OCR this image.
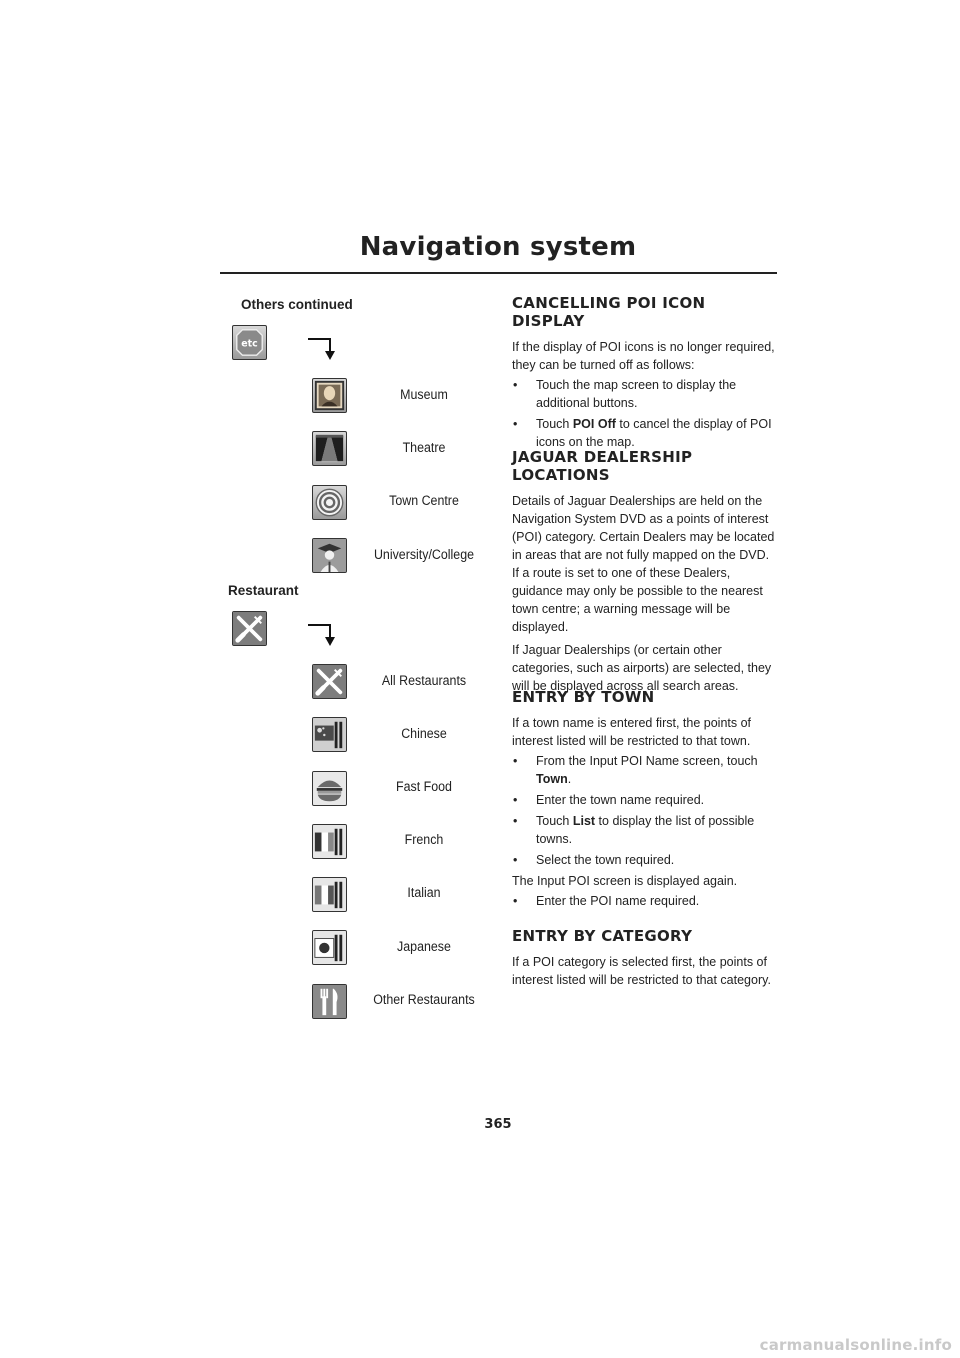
Navigation system
Others continued
etc
Museum
Theatre
Town Centre
University/College
Restaurant
All Restaurants
Chinese
Fast Food
French
Italian
Japanese
Other Restaurants
CANCELLING POI ICON DISPLAY

If the display of POI icons is no longer required, they can be turned off as follows:

• Touch the map screen to display the additional buttons.
• Touch POI Off to cancel the display of POI icons on the map.
JAGUAR DEALERSHIP LOCATIONS

Details of Jaguar Dealerships are held on the Navigation System DVD as a points of interest (POI) category. Certain Dealers may be located in areas that are not fully mapped on the DVD. If a route is set to one of these Dealers, guidance may only be possible to the nearest town centre; a warning message will be displayed.

If Jaguar Dealerships (or certain other categories, such as airports) are selected, they will be displayed across all search areas.

ENTRY BY TOWN

If a town name is entered first, the points of interest listed will be restricted to that town.

• From the Input POI Name screen, touch Town.
• Enter the town name required.
• Touch List to display the list of possible towns.
• Select the town required.

The Input POI screen is displayed again.

• Enter the POI name required.
ENTRY BY CATEGORY

If a POI category is selected first, the points of interest listed will be restricted to that category.

365
carmanualsonline.info
